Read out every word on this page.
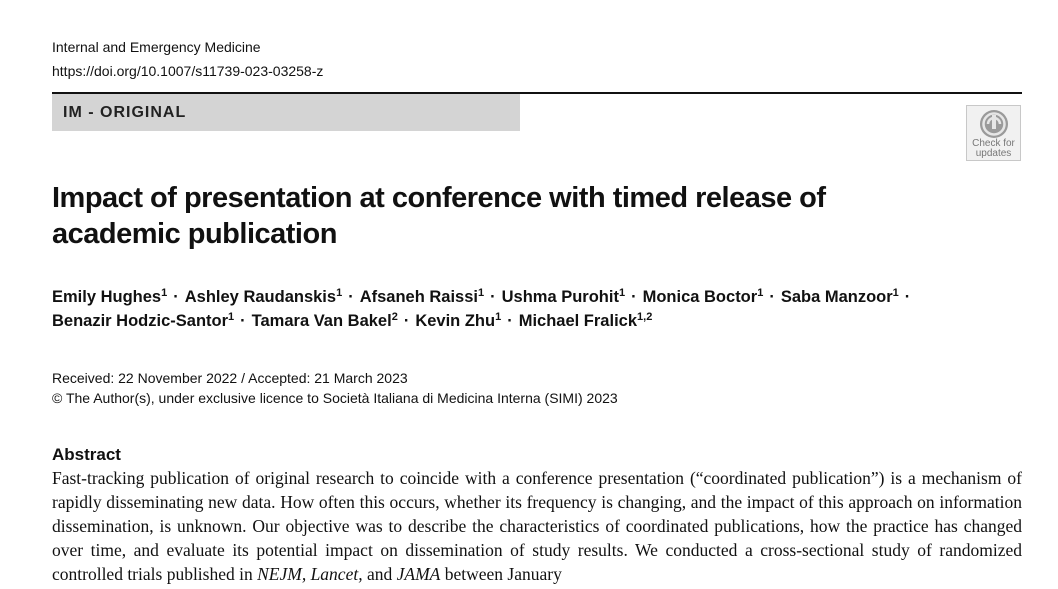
Internal and Emergency Medicine
https://doi.org/10.1007/s11739-023-03258-z
IM - ORIGINAL
Check for
updates
Impact of presentation at conference with timed release of academic publication
Emily Hughes$^1$ · Ashley Raudanskis$^1$ · Afsaneh Raissi$^1$ · Ushma Purohit$^1$ · Monica Boctor$^1$ · Saba Manzoor$^1$ ·
Benazir Hodzic-Santor$^1$ · Tamara Van Bakel$^2$ · Kevin Zhu$^1$ · Michael Fralick$^{1,2}$
Received: 22 November 2022 / Accepted: 21 March 2023
© The Author(s), under exclusive licence to Società Italiana di Medicina Interna (SIMI) 2023
Abstract

Fast-tracking publication of original research to coincide with a conference presentation (“coordinated publication”) is a mechanism of rapidly disseminating new data. How often this occurs, whether its frequency is changing, and the impact of this approach on information dissemination, is unknown. Our objective was to describe the characteristics of coordinated publications, how the practice has changed over time, and evaluate its potential impact on dissemination of study results. We conducted a cross-sectional study of randomized controlled trials published in NEJM, Lancet, and JAMA between January
